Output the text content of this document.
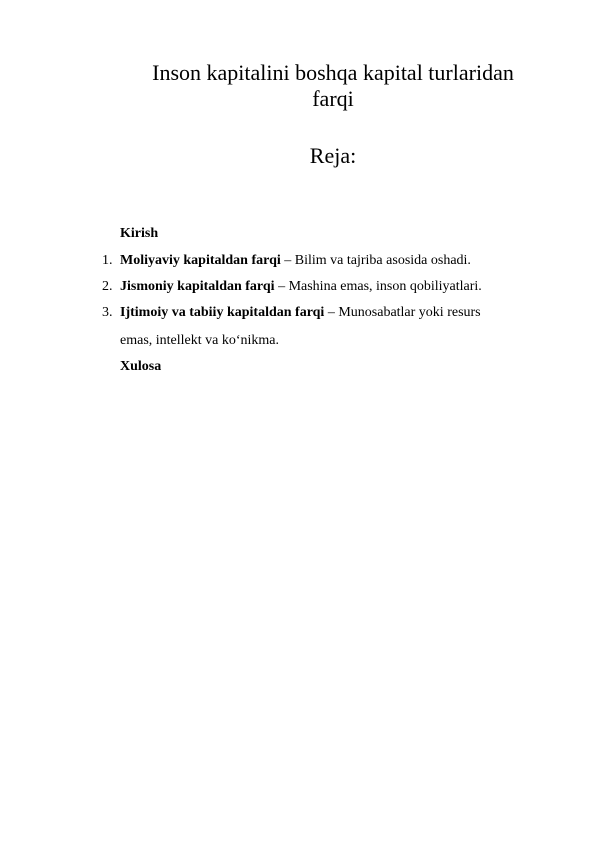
Inson kapitalini boshqa kapital turlaridan
farqi
Reja:
Kirish
1. Moliyaviy kapitaldan farqi – Bilim va tajriba asosida oshadi.
2. Jismoniy kapitaldan farqi – Mashina emas, inson qobiliyatlari.
3. Ijtimoiy va tabiiy kapitaldan farqi – Munosabatlar yoki resurs
emas, intellekt va ko‘nikma.
Xulosa
